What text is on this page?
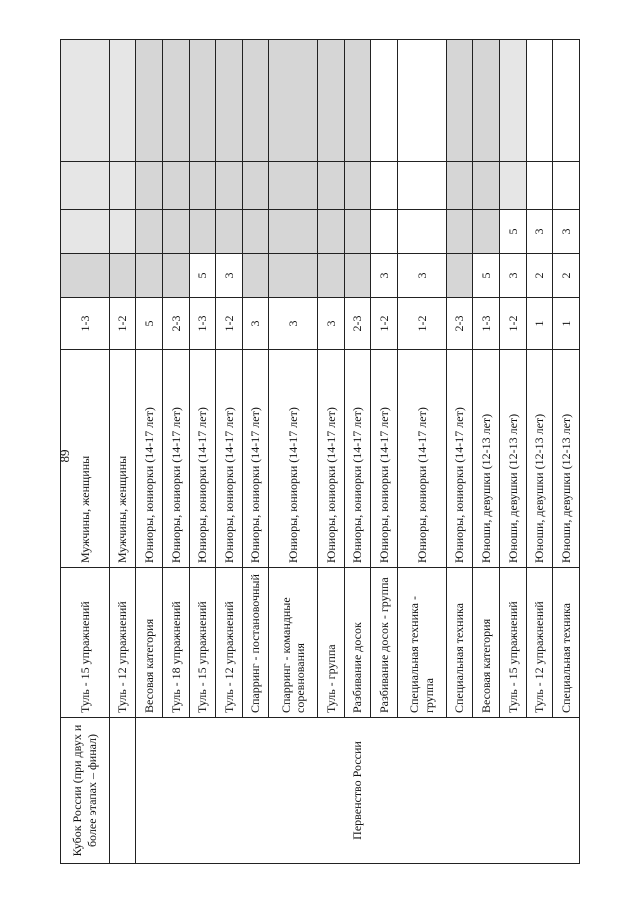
89
Кубок России (при двух и более этапах – финал)	Туль - 15 упражнений	Мужчины, женщины	1-3				
	Туль - 12 упражнений	Мужчины, женщины	1-2				
Первенство России	Весовая категория	Юниоры, юниорки (14-17 лет)	5				
	Туль - 18 упражнений	Юниоры, юниорки (14-17 лет)	2-3				
	Туль - 15 упражнений	Юниоры, юниорки (14-17 лет)	1-3	5			
	Туль - 12 упражнений	Юниоры, юниорки (14-17 лет)	1-2	3			
	Спарринг - постановочный	Юниоры, юниорки (14-17 лет)	3				
	Спарринг - командные соревнования	Юниоры, юниорки (14-17 лет)	3				
	Туль - группа	Юниоры, юниорки (14-17 лет)	3				
	Разбивание досок	Юниоры, юниорки (14-17 лет)	2-3				
	Разбивание досок - группа	Юниоры, юниорки (14-17 лет)	1-2	3			
	Специальная техника - группа	Юниоры, юниорки (14-17 лет)	1-2	3			
	Специальная техника	Юниоры, юниорки (14-17 лет)	2-3				
	Весовая категория	Юноши, девушки (12-13 лет)	1-3	5			
	Туль - 15 упражнений	Юноши, девушки (12-13 лет)	1-2	3	5		
	Туль - 12 упражнений	Юноши, девушки (12-13 лет)	1	2	3		
	Специальная техника	Юноши, девушки (12-13 лет)	1	2	3		
